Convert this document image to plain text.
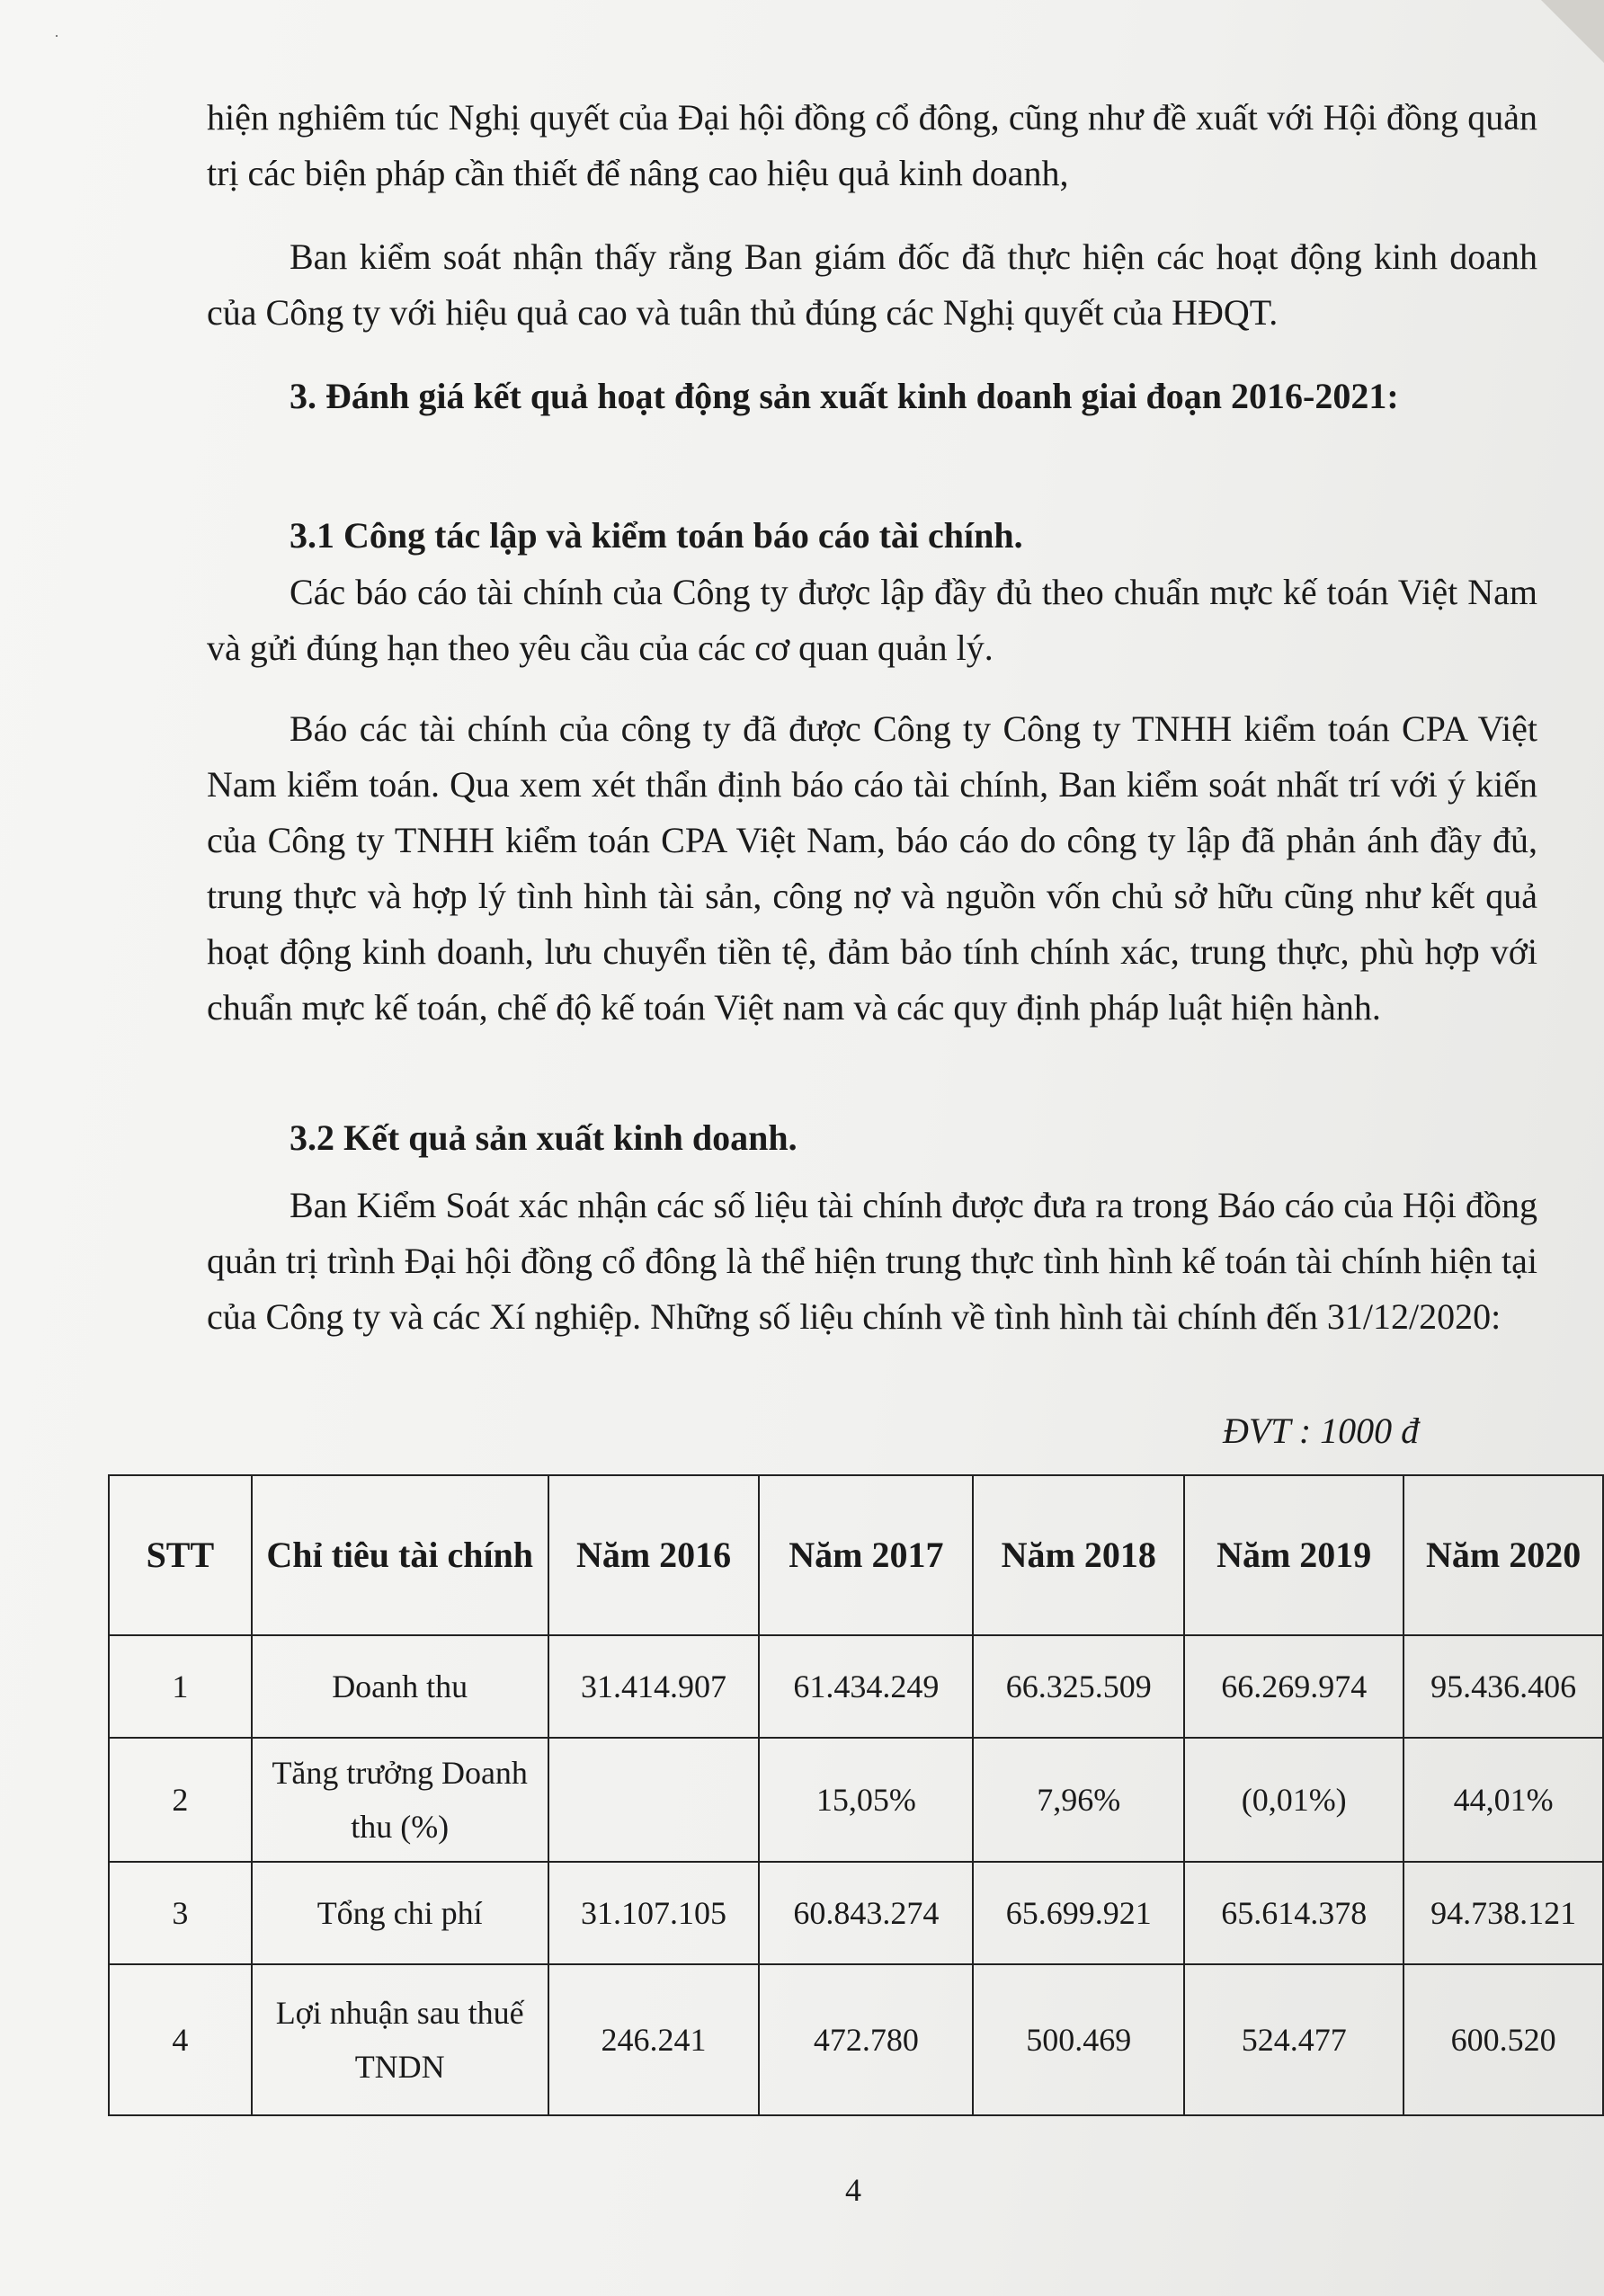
·

hiện nghiêm túc Nghị quyết của Đại hội đồng cổ đông, cũng như đề xuất với Hội đồng quản trị các biện pháp cần thiết để nâng cao hiệu quả kinh doanh,

Ban kiểm soát nhận thấy rằng Ban giám đốc đã thực hiện các hoạt động kinh doanh của Công ty với hiệu quả cao và tuân thủ đúng các Nghị quyết của HĐQT.

3. Đánh giá kết quả hoạt động sản xuất kinh doanh giai đoạn 2016-2021:

3.1 Công tác lập và kiểm toán báo cáo tài chính.

Các báo cáo tài chính của Công ty được lập đầy đủ theo chuẩn mực kế toán Việt Nam và gửi đúng hạn theo yêu cầu của các cơ quan quản lý.

Báo các tài chính của công ty đã được Công ty Công ty TNHH kiểm toán CPA Việt Nam kiểm toán. Qua xem xét thẩn định báo cáo tài chính, Ban kiểm soát nhất trí với ý kiến của Công ty TNHH kiểm toán CPA Việt Nam, báo cáo do công ty lập đã phản ánh đầy đủ, trung thực và hợp lý tình hình tài sản, công nợ và nguồn vốn chủ sở hữu cũng như kết quả hoạt động kinh doanh, lưu chuyển tiền tệ, đảm bảo tính chính xác, trung thực, phù hợp với chuẩn mực kế toán, chế độ kế toán Việt nam và các quy định pháp luật hiện hành.

3.2 Kết quả sản xuất kinh doanh.

Ban Kiểm Soát xác nhận các số liệu tài chính được đưa ra trong Báo cáo của Hội đồng quản trị trình Đại hội đồng cổ đông là thể hiện trung thực tình hình kế toán tài chính hiện tại của Công ty và các Xí nghiệp. Những số liệu chính về tình hình tài chính đến 31/12/2020:

ĐVT : 1000 đ
STT	Chỉ tiêu tài chính	Năm 2016	Năm 2017	Năm 2018	Năm 2019	Năm 2020
1	Doanh thu	31.414.907	61.434.249	66.325.509	66.269.974	95.436.406
2	Tăng trưởng Doanh thu (%)		15,05%	7,96%	(0,01%)	44,01%
3	Tổng chi phí	31.107.105	60.843.274	65.699.921	65.614.378	94.738.121
4	Lợi nhuận sau thuế TNDN	246.241	472.780	500.469	524.477	600.520
4
